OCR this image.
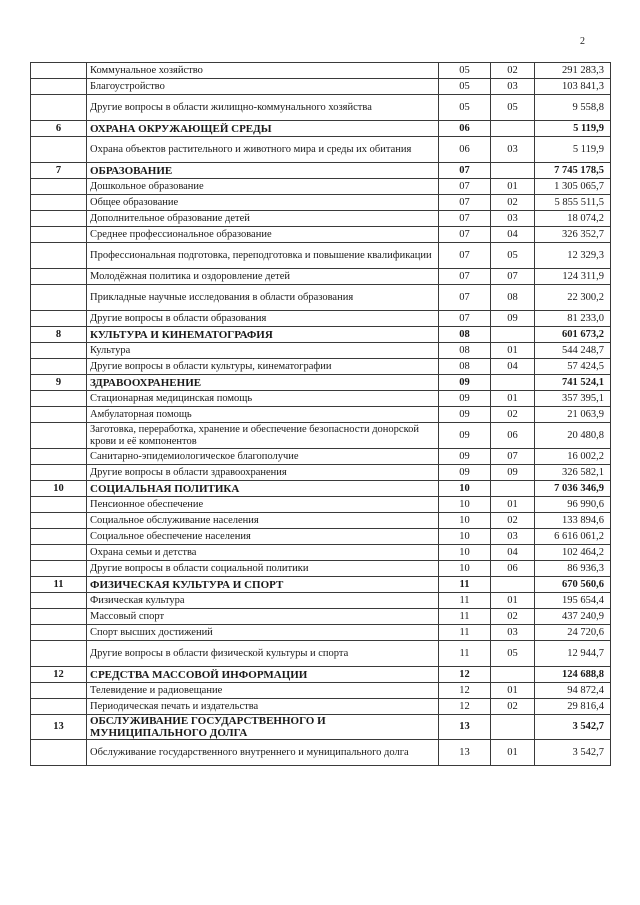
2
	Коммунальное хозяйство	05	02	291 283,3
	Благоустройство	05	03	103 841,3
	Другие вопросы в области жилищно-коммунального хозяйства	05	05	9 558,8
6	ОХРАНА ОКРУЖАЮЩЕЙ СРЕДЫ	06		5 119,9
	Охрана объектов растительного и животного мира и среды их обитания	06	03	5 119,9
7	ОБРАЗОВАНИЕ	07		7 745 178,5
	Дошкольное образование	07	01	1 305 065,7
	Общее образование	07	02	5 855 511,5
	Дополнительное образование детей	07	03	18 074,2
	Среднее профессиональное образование	07	04	326 352,7
	Профессиональная подготовка, переподготовка и повышение квалификации	07	05	12 329,3
	Молодёжная политика и оздоровление детей	07	07	124 311,9
	Прикладные научные исследования в области образования	07	08	22 300,2
	Другие вопросы в области образования	07	09	81 233,0
8	КУЛЬТУРА И КИНЕМАТОГРАФИЯ	08		601 673,2
	Культура	08	01	544 248,7
	Другие вопросы в области культуры, кинематографии	08	04	57 424,5
9	ЗДРАВООХРАНЕНИЕ	09		741 524,1
	Стационарная медицинская помощь	09	01	357 395,1
	Амбулаторная помощь	09	02	21 063,9
	Заготовка, переработка, хранение и обеспечение безопасности донорской крови и её компонентов	09	06	20 480,8
	Санитарно-эпидемиологическое благополучие	09	07	16 002,2
	Другие вопросы в области здравоохранения	09	09	326 582,1
10	СОЦИАЛЬНАЯ ПОЛИТИКА	10		7 036 346,9
	Пенсионное обеспечение	10	01	96 990,6
	Социальное обслуживание населения	10	02	133 894,6
	Социальное обеспечение населения	10	03	6 616 061,2
	Охрана семьи и детства	10	04	102 464,2
	Другие вопросы в области социальной политики	10	06	86 936,3
11	ФИЗИЧЕСКАЯ КУЛЬТУРА И СПОРТ	11		670 560,6
	Физическая культура	11	01	195 654,4
	Массовый спорт	11	02	437 240,9
	Спорт высших достижений	11	03	24 720,6
	Другие вопросы в области физической культуры и спорта	11	05	12 944,7
12	СРЕДСТВА МАССОВОЙ ИНФОРМАЦИИ	12		124 688,8
	Телевидение и радиовещание	12	01	94 872,4
	Периодическая печать и издательства	12	02	29 816,4
13	ОБСЛУЖИВАНИЕ ГОСУДАРСТВЕННОГО И МУНИЦИПАЛЬНОГО ДОЛГА	13		3 542,7
	Обслуживание государственного внутреннего и муниципального долга	13	01	3 542,7
